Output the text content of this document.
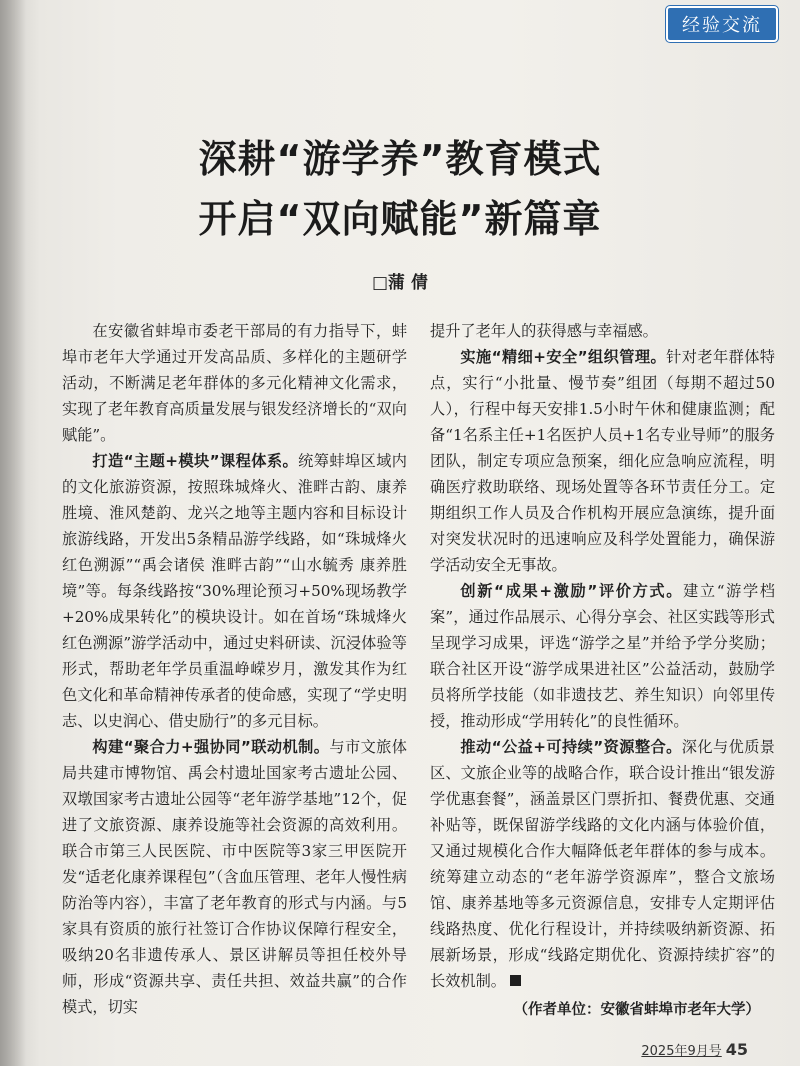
经验交流
深耕“游学养”教育模式
开启“双向赋能”新篇章
□蒲 倩

在安徽省蚌埠市委老干部局的有力指导下，蚌埠市老年大学通过开发高品质、多样化的主题研学活动，不断满足老年群体的多元化精神文化需求，实现了老年教育高质量发展与银发经济增长的“双向赋能”。

打造“主题+模块”课程体系。统筹蚌埠区域内的文化旅游资源，按照珠城烽火、淮畔古韵、康养胜境、淮风楚韵、龙兴之地等主题内容和目标设计旅游线路，开发出5条精品游学线路，如“珠城烽火 红色溯源”“禹会诸侯 淮畔古韵”“山水毓秀 康养胜境”等。每条线路按“30%理论预习+50%现场教学+20%成果转化”的模块设计。如在首场“珠城烽火 红色溯源”游学活动中，通过史料研读、沉浸体验等形式，帮助老年学员重温峥嵘岁月，激发其作为红色文化和革命精神传承者的使命感，实现了“学史明志、以史润心、借史励行”的多元目标。

构建“聚合力+强协同”联动机制。与市文旅体局共建市博物馆、禹会村遗址国家考古遗址公园、双墩国家考古遗址公园等“老年游学基地”12个，促进了文旅资源、康养设施等社会资源的高效利用。联合市第三人民医院、市中医院等3家三甲医院开发“适老化康养课程包”（含血压管理、老年人慢性病防治等内容），丰富了老年教育的形式与内涵。与5家具有资质的旅行社签订合作协议保障行程安全，吸纳20名非遗传承人、景区讲解员等担任校外导师，形成“资源共享、责任共担、效益共赢”的合作模式，切实

提升了老年人的获得感与幸福感。

实施“精细+安全”组织管理。针对老年群体特点，实行“小批量、慢节奏”组团（每期不超过50人），行程中每天安排1.5小时午休和健康监测；配备“1名系主任+1名医护人员+1名专业导师”的服务团队，制定专项应急预案，细化应急响应流程，明确医疗救助联络、现场处置等各环节责任分工。定期组织工作人员及合作机构开展应急演练，提升面对突发状况时的迅速响应及科学处置能力，确保游学活动安全无事故。

创新“成果+激励”评价方式。建立“游学档案”，通过作品展示、心得分享会、社区实践等形式呈现学习成果，评选“游学之星”并给予学分奖励；联合社区开设“游学成果进社区”公益活动，鼓励学员将所学技能（如非遗技艺、养生知识）向邻里传授，推动形成“学用转化”的良性循环。

推动“公益+可持续”资源整合。深化与优质景区、文旅企业等的战略合作，联合设计推出“银发游学优惠套餐”，涵盖景区门票折扣、餐费优惠、交通补贴等，既保留游学线路的文化内涵与体验价值，又通过规模化合作大幅降低老年群体的参与成本。统筹建立动态的“老年游学资源库”，整合文旅场馆、康养基地等多元资源信息，安排专人定期评估线路热度、优化行程设计，并持续吸纳新资源、拓展新场景，形成“线路定期优化、资源持续扩容”的长效机制。

（作者单位：安徽省蚌埠市老年大学）
2025年9月号 45
